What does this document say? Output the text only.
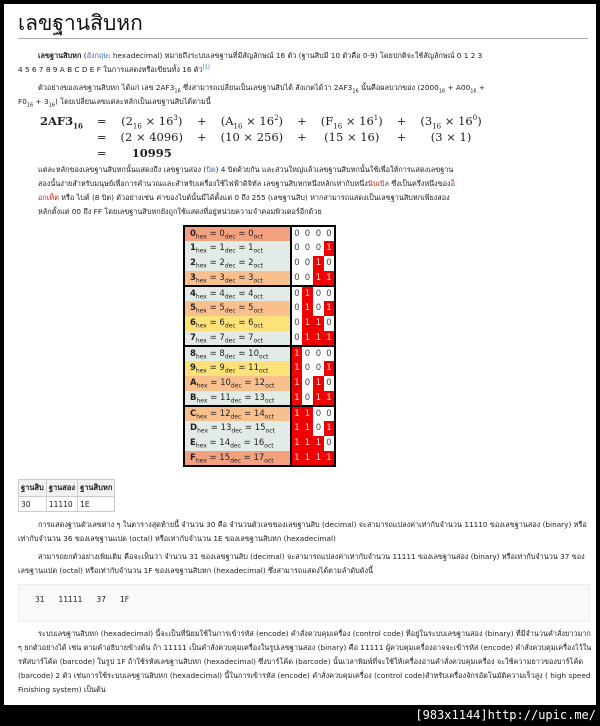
เลขฐานสิบหก
เลขฐานสิบหก (อังกฤษ: hexadecimal) หมายถึงระบบเลขฐานที่มีสัญลักษณ์ 16 ตัว (ฐานสิบมี 10 ตัวคือ 0-9) โดยปกติจะใช้สัญลักษณ์ 0 1 2 3 4 5 6 7 8 9 A B C D E F ในการแสดงหรือเขียนทั้ง 16 ตัว[1]
ตัวอย่างของเลขฐานสิบหก ได้แก่ เลข $2AF3_{16}$ ซึ่งสามารถเปลี่ยนเป็นเลขฐานสิบได้ สังเกตได้ว่า $2AF3_{16}$ นั้นคือผลบวกของ $(2000_{16} + A00_{16} + F0_{16} + 3_{16})$ โดยเปลี่ยนเลขแต่ละหลักเป็นเลขฐานสิบได้ตามนี้
$2AF3_{16}$	=	$(2_{16} \times 16^3)$	+	$(A_{16} \times 16^2)$	+	$(F_{16} \times 16^1)$	+	$(3_{16} \times 16^0)$
	=	(2 × 4096)	+	(10 × 256)	+	(15 × 16)	+	(3 × 1)
	=	10995						
แต่ละหลักของเลขฐานสิบหกนั้นแสดงถึง เลขฐานสอง (บิต) 4 บิตด้วยกัน และส่วนใหญ่แล้วเลขฐานสิบหกนั้นใช้เพื่อให้การแสดงเลขฐานสองนั้นง่ายสำหรับมนุษย์เพื่อการคำนวณและสำหรับเครื่องใช้ไฟฟ้าดิจิทัล เลขฐานสิบหกหนึ่งหลักเท่ากับหนึ่งนิบเบิล ซึ่งเป็นครึ่งหนึ่งของอ็อกเท็ต หรือ ไบต์ (8 บิต) ตัวอย่างเช่น ค่าของไบต์นั้นมีได้ตั้งแต่ 0 ถึง 255 (เลขฐานสิบ) หากสามารถแสดงเป็นเลขฐานสิบหกเพียงสองหลักตั้งแต่ 00 ถึง FF โดยเลขฐานสิบหกยังถูกใช้แสดงที่อยู่หน่วยความจำคอมพิวเตอร์อีกด้วย
$0_{hex} = 0_{dec} = 0_{oct}$	0	0	0	0
$1_{hex} = 1_{dec} = 1_{oct}$	0	0	0	1
$2_{hex} = 2_{dec} = 2_{oct}$	0	0	1	0
$3_{hex} = 3_{dec} = 3_{oct}$	0	0	1	1
$4_{hex} = 4_{dec} = 4_{oct}$	0	1	0	0
$5_{hex} = 5_{dec} = 5_{oct}$	0	1	0	1
$6_{hex} = 6_{dec} = 6_{oct}$	0	1	1	0
$7_{hex} = 7_{dec} = 7_{oct}$	0	1	1	1
$8_{hex} = 8_{dec} = 10_{oct}$	1	0	0	0
$9_{hex} = 9_{dec} = 11_{oct}$	1	0	0	1
$A_{hex} = 10_{dec} = 12_{oct}$	1	0	1	0
$B_{hex} = 11_{dec} = 13_{oct}$	1	0	1	1
$C_{hex} = 12_{dec} = 14_{oct}$	1	1	0	0
$D_{hex} = 13_{dec} = 15_{oct}$	1	1	0	1
$E_{hex} = 14_{dec} = 16_{oct}$	1	1	1	0
$F_{hex} = 15_{dec} = 17_{oct}$	1	1	1	1
ฐานสิบ	ฐานสอง	ฐานสิบหก
30	11110	1E
การแสดงฐานตัวเลขต่าง ๆ ในตารางสุดท้ายนี้ จำนวน 30 คือ จำนวนตัวเลขของเลขฐานสิบ (decimal) จะสามารถแปลงค่าเท่ากับจำนวน 11110 ของเลขฐานสอง (binary) หรือเท่ากับจำนวน 36 ของเลขฐานแปด (octal) หรือเท่ากับจำนวน 1E ของเลขฐานสิบหก (hexadecimal)
สามารถยกตัวอย่างเพิ่มเติม คือจะเห็นว่า จำนวน 31 ของเลขฐานสิบ (decimal) จะสามารถแปลงค่าเท่ากับจำนวน 11111 ของเลขฐานสอง (binary) หรือเท่ากับจำนวน 37 ของเลขฐานแปด (octal) หรือเท่ากับจำนวน 1F ของเลขฐานสิบหก (hexadecimal) ซึ่งสามารถแสดงได้ตามลำดับดังนี้
31 11111 37 1F
ระบบเลขฐานสิบหก (hexadecimal) นี้จะเป็นที่นิยมใช้ในการเข้ารหัส (encode) คำสั่งควบคุมเครื่อง (control code) ที่อยู่ในระบบเลขฐานสอง (binary) ที่มีจำนวนคำสั่งยาวมาก ๆ ยกตัวอย่างได้ เช่น ตามคำอธิบายข้างต้น ถ้า 11111 เป็นคำสั่งควบคุมเครื่องในรูปเลขฐานสอง (binary) คือ 11111 ผู้ควบคุมเครื่องอาจจะเข้ารหัส (encode) คำสั่งควบคุมเครื่องไว้ในรหัสบาร์โค้ด (barcode) ในรูป 1F ถ้าใช้รหัสเลขฐานสิบหก (hexadecimal) ซึ่งบาร์โค้ด (barcode) นั้นเวลาพิมพ์ที่จะใช้ให้เครื่องอ่านคำสั่งควบคุมเครื่อง จะใช้ความยาวของบาร์โค้ด (barcode) 2 ตัว เช่นการใช้ระบบเลขฐานสิบหก (hexadecimal) นี้ในการเข้ารหัส (encode) คำสั่งควบคุมเครื่อง (control code)สำหรับเครื่องจักรอัตโนมัติความเร็วสูง ( high speed Finishing system) เป็นต้น
[983x1144]http://upic.me/
